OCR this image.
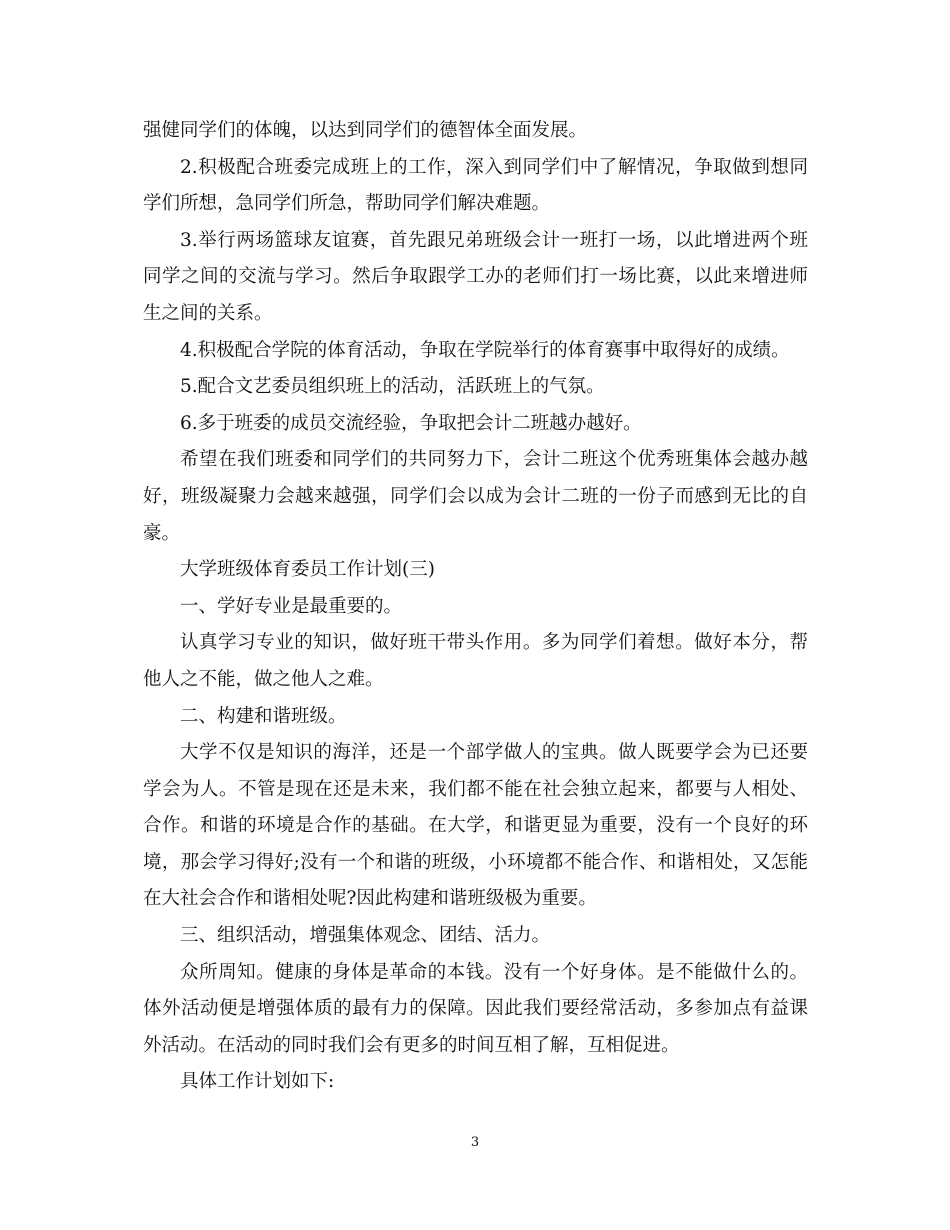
强健同学们的体魄，以达到同学们的德智体全面发展。

2.积极配合班委完成班上的工作，深入到同学们中了解情况，争取做到想同学们所想，急同学们所急，帮助同学们解决难题。

3.举行两场篮球友谊赛，首先跟兄弟班级会计一班打一场，以此增进两个班同学之间的交流与学习。然后争取跟学工办的老师们打一场比赛，以此来增进师生之间的关系。

4.积极配合学院的体育活动，争取在学院举行的体育赛事中取得好的成绩。

5.配合文艺委员组织班上的活动，活跃班上的气氛。

6.多于班委的成员交流经验，争取把会计二班越办越好。

希望在我们班委和同学们的共同努力下，会计二班这个优秀班集体会越办越好，班级凝聚力会越来越强，同学们会以成为会计二班的一份子而感到无比的自豪。

大学班级体育委员工作计划(三)

一、学好专业是最重要的。

认真学习专业的知识，做好班干带头作用。多为同学们着想。做好本分，帮他人之不能，做之他人之难。

二、构建和谐班级。

大学不仅是知识的海洋，还是一个部学做人的宝典。做人既要学会为已还要学会为人。不管是现在还是未来，我们都不能在社会独立起来，都要与人相处、合作。和谐的环境是合作的基础。在大学，和谐更显为重要，没有一个良好的环境，那会学习得好;没有一个和谐的班级，小环境都不能合作、和谐相处，又怎能在大社会合作和谐相处呢?因此构建和谐班级极为重要。

三、组织活动，增强集体观念、团结、活力。

众所周知。健康的身体是革命的本钱。没有一个好身体。是不能做什么的。体外活动便是增强体质的最有力的保障。因此我们要经常活动，多参加点有益课外活动。在活动的同时我们会有更多的时间互相了解，互相促进。

具体工作计划如下:

3
